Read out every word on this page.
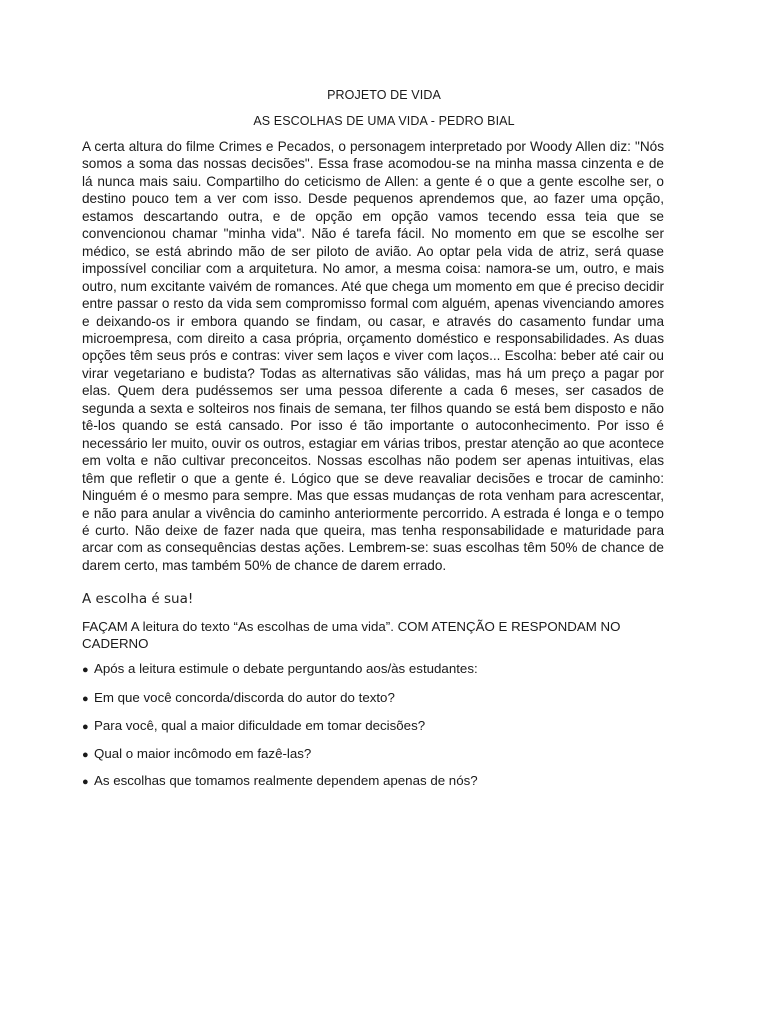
PROJETO DE VIDA
AS ESCOLHAS DE UMA VIDA - PEDRO BIAL

A certa altura do filme Crimes e Pecados, o personagem interpretado por Woody Allen diz: "Nós somos a soma das nossas decisões". Essa frase acomodou-se na minha massa cinzenta e de lá nunca mais saiu. Compartilho do ceticismo de Allen: a gente é o que a gente escolhe ser, o destino pouco tem a ver com isso. Desde pequenos aprendemos que, ao fazer uma opção, estamos descartando outra, e de opção em opção vamos tecendo essa teia que se convencionou chamar "minha vida". Não é tarefa fácil. No momento em que se escolhe ser médico, se está abrindo mão de ser piloto de avião. Ao optar pela vida de atriz, será quase impossível conciliar com a arquitetura. No amor, a mesma coisa: namora-se um, outro, e mais outro, num excitante vaivém de romances. Até que chega um momento em que é preciso decidir entre passar o resto da vida sem compromisso formal com alguém, apenas vivenciando amores e deixando-os ir embora quando se findam, ou casar, e através do casamento fundar uma microempresa, com direito a casa própria, orçamento doméstico e responsabilidades. As duas opções têm seus prós e contras: viver sem laços e viver com laços... Escolha: beber até cair ou virar vegetariano e budista? Todas as alternativas são válidas, mas há um preço a pagar por elas. Quem dera pudéssemos ser uma pessoa diferente a cada 6 meses, ser casados de segunda a sexta e solteiros nos finais de semana, ter filhos quando se está bem disposto e não tê-los quando se está cansado. Por isso é tão importante o autoconhecimento. Por isso é necessário ler muito, ouvir os outros, estagiar em várias tribos, prestar atenção ao que acontece em volta e não cultivar preconceitos. Nossas escolhas não podem ser apenas intuitivas, elas têm que refletir o que a gente é. Lógico que se deve reavaliar decisões e trocar de caminho: Ninguém é o mesmo para sempre. Mas que essas mudanças de rota venham para acrescentar, e não para anular a vivência do caminho anteriormente percorrido. A estrada é longa e o tempo é curto. Não deixe de fazer nada que queira, mas tenha responsabilidade e maturidade para arcar com as consequências destas ações. Lembrem-se: suas escolhas têm 50% de chance de darem certo, mas também 50% de chance de darem errado.

A escolha é sua!

FAÇAM A leitura do texto “As escolhas de uma vida”. COM ATENÇÃO E RESPONDAM NO CADERNO

● Após a leitura estimule o debate perguntando aos/às estudantes:

● Em que você concorda/discorda do autor do texto?

● Para você, qual a maior dificuldade em tomar decisões?

● Qual o maior incômodo em fazê-las?

● As escolhas que tomamos realmente dependem apenas de nós?
